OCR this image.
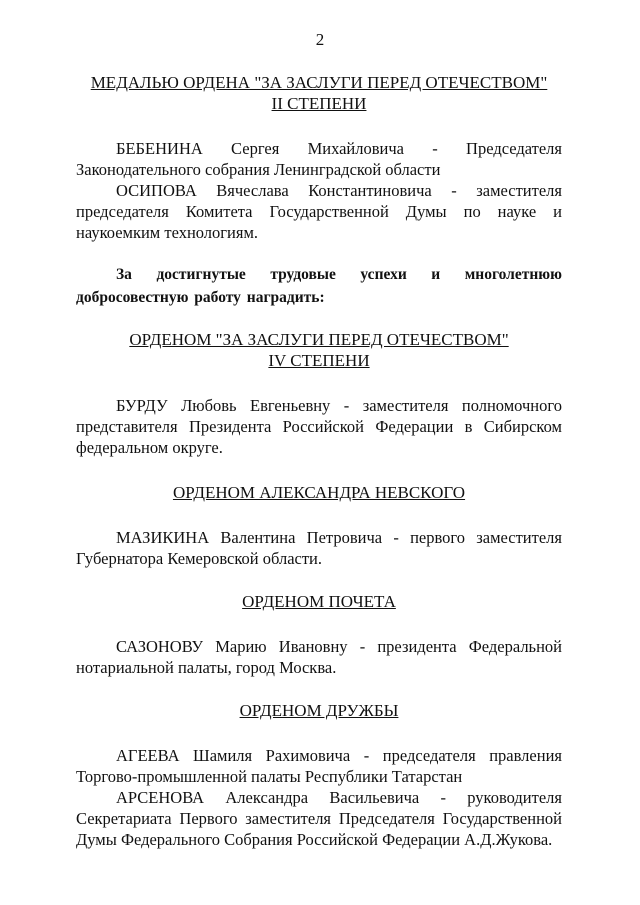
2
МЕДАЛЬЮ ОРДЕНА "ЗА ЗАСЛУГИ ПЕРЕД ОТЕЧЕСТВОМ"
II СТЕПЕНИ

БЕБЕНИНА Сергея Михайловича - Председателя Законодательного собрания Ленинградской области

ОСИПОВА Вячеслава Константиновича - заместителя председателя Комитета Государственной Думы по науке и наукоемким технологиям.

За достигнутые трудовые успехи и многолетнюю добросовестную работу наградить:

ОРДЕНОМ "ЗА ЗАСЛУГИ ПЕРЕД ОТЕЧЕСТВОМ"
IV СТЕПЕНИ

БУРДУ Любовь Евгеньевну - заместителя полномочного представителя Президента Российской Федерации в Сибирском федеральном округе.

ОРДЕНОМ АЛЕКСАНДРА НЕВСКОГО

МАЗИКИНА Валентина Петровича - первого заместителя Губернатора Кемеровской области.

ОРДЕНОМ ПОЧЕТА

САЗОНОВУ Марию Ивановну - президента Федеральной нотариальной палаты, город Москва.

ОРДЕНОМ ДРУЖБЫ

АГЕЕВА Шамиля Рахимовича - председателя правления Торгово-промышленной палаты Республики Татарстан

АРСЕНОВА Александра Васильевича - руководителя Секретариата Первого заместителя Председателя Государственной Думы Федерального Собрания Российской Федерации А.Д.Жукова.
